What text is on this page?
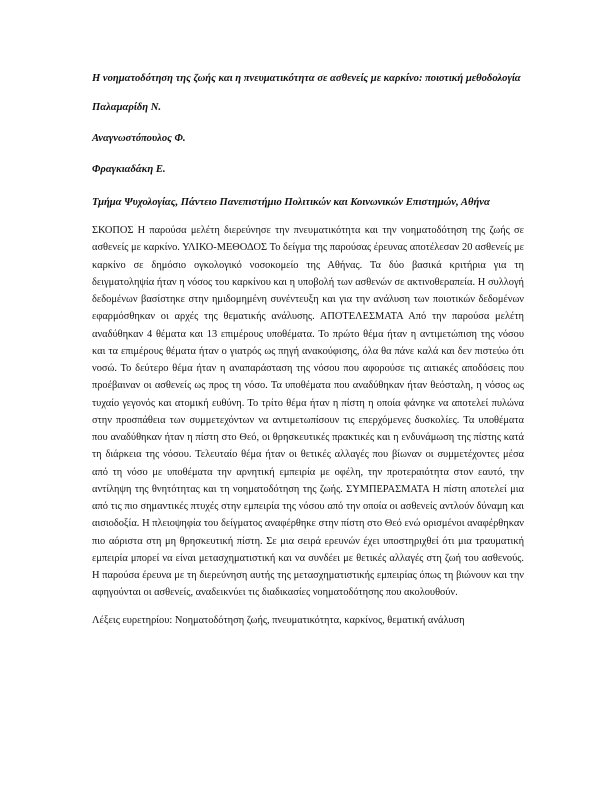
Η νοηματοδότηση της ζωής και η πνευματικότητα σε ασθενείς με καρκίνο: ποιοτική μεθοδολογία

Παλαμαρίδη Ν.

Αναγνωστόπουλος Φ.

Φραγκιαδάκη Ε.

Τμήμα Ψυχολογίας, Πάντειο Πανεπιστήμιο Πολιτικών και Κοινωνικών Επιστημών, Αθήνα

ΣΚΟΠΟΣ Η παρούσα μελέτη διερεύνησε την πνευματικότητα και την νοηματοδότηση της ζωής σε ασθενείς με καρκίνο. ΥΛΙΚΟ-ΜΕΘΟΔΟΣ Το δείγμα της παρούσας έρευνας αποτέλεσαν 20 ασθενείς με καρκίνο σε δημόσιο ογκολογικό νοσοκομείο της Αθήνας. Τα δύο βασικά κριτήρια για τη δειγματοληψία ήταν η νόσος του καρκίνου και η υποβολή των ασθενών σε ακτινοθεραπεία. Η συλλογή δεδομένων βασίστηκε στην ημιδομημένη συνέντευξη και για την ανάλυση των ποιοτικών δεδομένων εφαρμόσθηκαν οι αρχές της θεματικής ανάλυσης. ΑΠΟΤΕΛΕΣΜΑΤΑ Από την παρούσα μελέτη αναδύθηκαν 4 θέματα και 13 επιμέρους υποθέματα. Το πρώτο θέμα ήταν η αντιμετώπιση της νόσου και τα επιμέρους θέματα ήταν ο γιατρός ως πηγή ανακούφισης, όλα θα πάνε καλά και δεν πιστεύω ότι νοσώ. Το δεύτερο θέμα ήταν η αναπαράσταση της νόσου που αφορούσε τις αιτιακές αποδόσεις που προέβαιναν οι ασθενείς ως προς τη νόσο. Τα υποθέματα που αναδύθηκαν ήταν θεόσταλη, η νόσος ως τυχαίο γεγονός και ατομική ευθύνη. Το τρίτο θέμα ήταν η πίστη η οποία φάνηκε να αποτελεί πυλώνα στην προσπάθεια των συμμετεχόντων να αντιμετωπίσουν τις επερχόμενες δυσκολίες. Τα υποθέματα που αναδύθηκαν ήταν η πίστη στο Θεό, οι θρησκευτικές πρακτικές και η ενδυνάμωση της πίστης κατά τη διάρκεια της νόσου. Τελευταίο θέμα ήταν οι θετικές αλλαγές που βίωναν οι συμμετέχοντες μέσα από τη νόσο με υποθέματα την αρνητική εμπειρία με οφέλη, την προτεραιότητα στον εαυτό, την αντίληψη της θνητότητας και τη νοηματοδότηση της ζωής. ΣΥΜΠΕΡΑΣΜΑΤΑ Η πίστη αποτελεί μια από τις πιο σημαντικές πτυχές στην εμπειρία της νόσου από την οποία οι ασθενείς αντλούν δύναμη και αισιοδοξία. Η πλειοψηφία του δείγματος αναφέρθηκε στην πίστη στο Θεό ενώ ορισμένοι αναφέρθηκαν πιο αόριστα στη μη θρησκευτική πίστη. Σε μια σειρά ερευνών έχει υποστηριχθεί ότι μια τραυματική εμπειρία μπορεί να είναι μετασχηματιστική και να συνδέει με θετικές αλλαγές στη ζωή του ασθενούς. Η παρούσα έρευνα με τη διερεύνηση αυτής της μετασχηματιστικής εμπειρίας όπως τη βιώνουν και την αφηγούνται οι ασθενείς, αναδεικνύει τις διαδικασίες νοηματοδότησης που ακολουθούν.

Λέξεις ευρετηρίου: Νοηματοδότηση ζωής, πνευματικότητα, καρκίνος, θεματική ανάλυση
